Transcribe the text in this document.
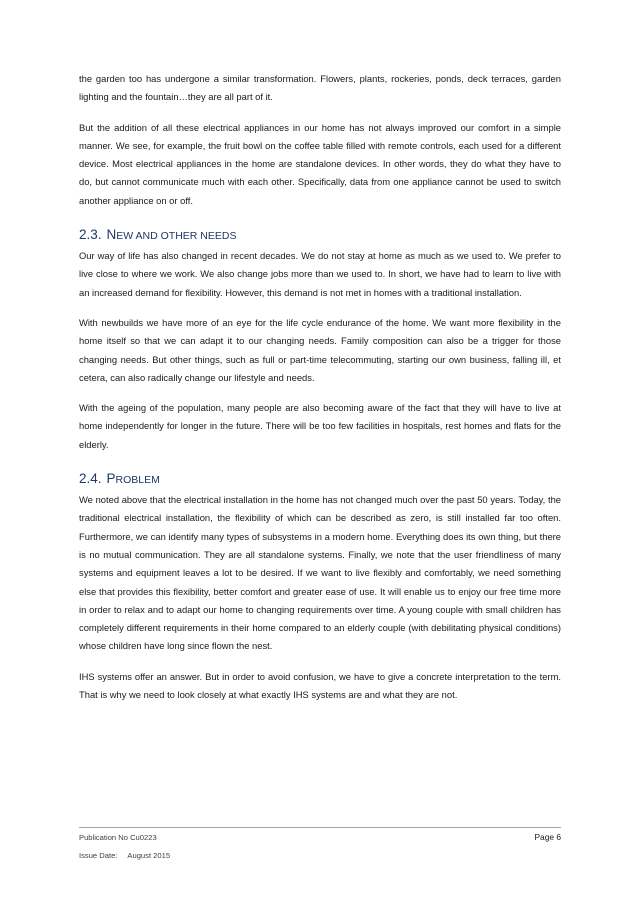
the garden too has undergone a similar transformation. Flowers, plants, rockeries, ponds, deck terraces, garden lighting and the fountain…they are all part of it.

But the addition of all these electrical appliances in our home has not always improved our comfort in a simple manner. We see, for example, the fruit bowl on the coffee table filled with remote controls, each used for a different device. Most electrical appliances in the home are standalone devices. In other words, they do what they have to do, but cannot communicate much with each other. Specifically, data from one appliance cannot be used to switch another appliance on or off.

2.3. NEW AND OTHER NEEDS

Our way of life has also changed in recent decades. We do not stay at home as much as we used to. We prefer to live close to where we work. We also change jobs more than we used to. In short, we have had to learn to live with an increased demand for flexibility. However, this demand is not met in homes with a traditional installation.

With newbuilds we have more of an eye for the life cycle endurance of the home. We want more flexibility in the home itself so that we can adapt it to our changing needs. Family composition can also be a trigger for those changing needs. But other things, such as full or part-time telecommuting, starting our own business, falling ill, et cetera, can also radically change our lifestyle and needs.

With the ageing of the population, many people are also becoming aware of the fact that they will have to live at home independently for longer in the future. There will be too few facilities in hospitals, rest homes and flats for the elderly.

2.4. PROBLEM

We noted above that the electrical installation in the home has not changed much over the past 50 years. Today, the traditional electrical installation, the flexibility of which can be described as zero, is still installed far too often. Furthermore, we can identify many types of subsystems in a modern home. Everything does its own thing, but there is no mutual communication. They are all standalone systems. Finally, we note that the user friendliness of many systems and equipment leaves a lot to be desired. If we want to live flexibly and comfortably, we need something else that provides this flexibility, better comfort and greater ease of use. It will enable us to enjoy our free time more in order to relax and to adapt our home to changing requirements over time. A young couple with small children has completely different requirements in their home compared to an elderly couple (with debilitating physical conditions) whose children have long since flown the nest.

IHS systems offer an answer. But in order to avoid confusion, we have to give a concrete interpretation to the term. That is why we need to look closely at what exactly IHS systems are and what they are not.

Publication No Cu0223	Page 6
Issue Date: August 2015
